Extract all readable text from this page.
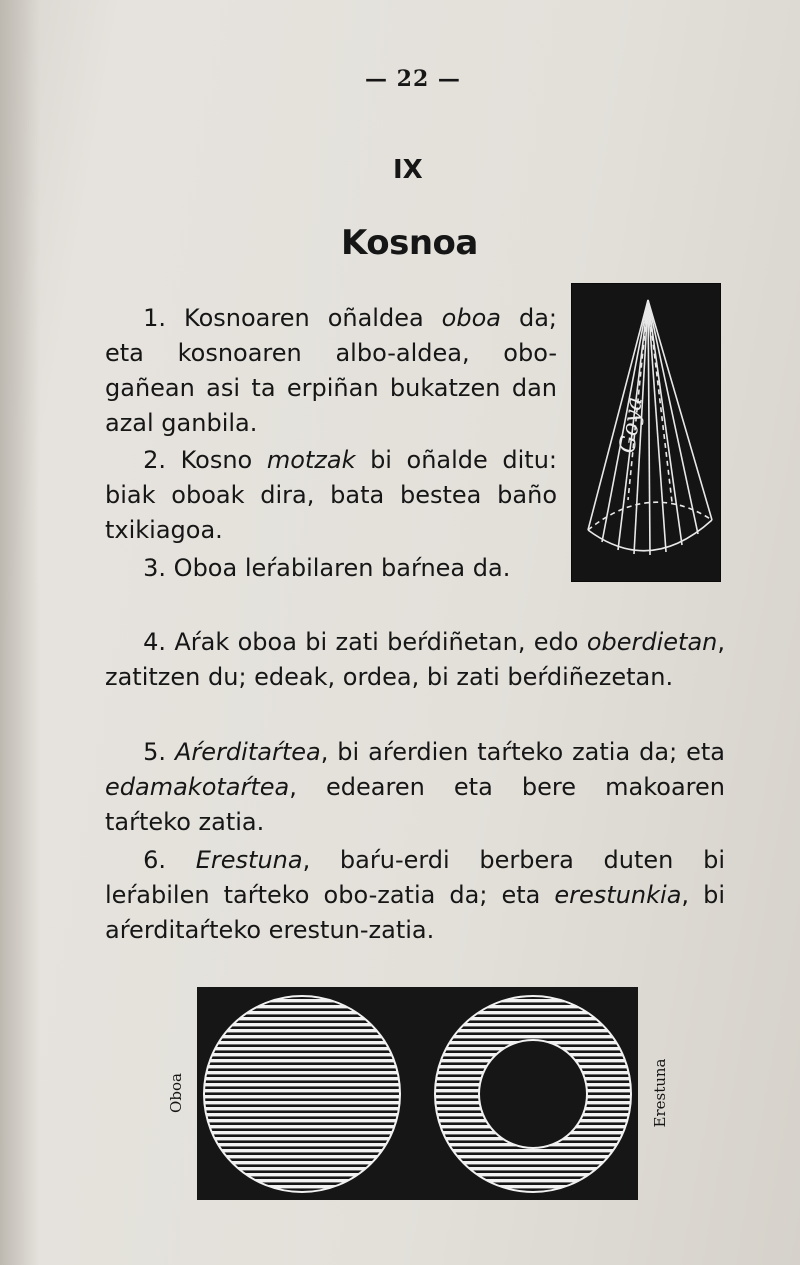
— 22 —
IX
Kosnoa
Goya

1. Kosnoaren oñaldea oboa da; eta kosnoaren albo-aldea, obo-gañean asi ta erpiñan bukatzen dan azal ganbila.

2. Kosno motzak bi oñalde ditu: biak oboak dira, bata bestea baño txikiagoa.

3. Oboa leŕabilaren baŕnea da.

4. Aŕak oboa bi zati beŕdiñetan, edo oberdietan, zatitzen du; edeak, ordea, bi zati beŕdiñezetan.

5. Aŕerditaŕtea, bi aŕerdien taŕteko zatia da; eta edamakotaŕtea, edearen eta bere makoaren taŕteko zatia.

6. Erestuna, baŕu-erdi berbera duten bi leŕabilen taŕteko obo-zatia da; eta erestunkia, bi aŕerditaŕteko erestun-zatia.

Oboa	Erestuna
